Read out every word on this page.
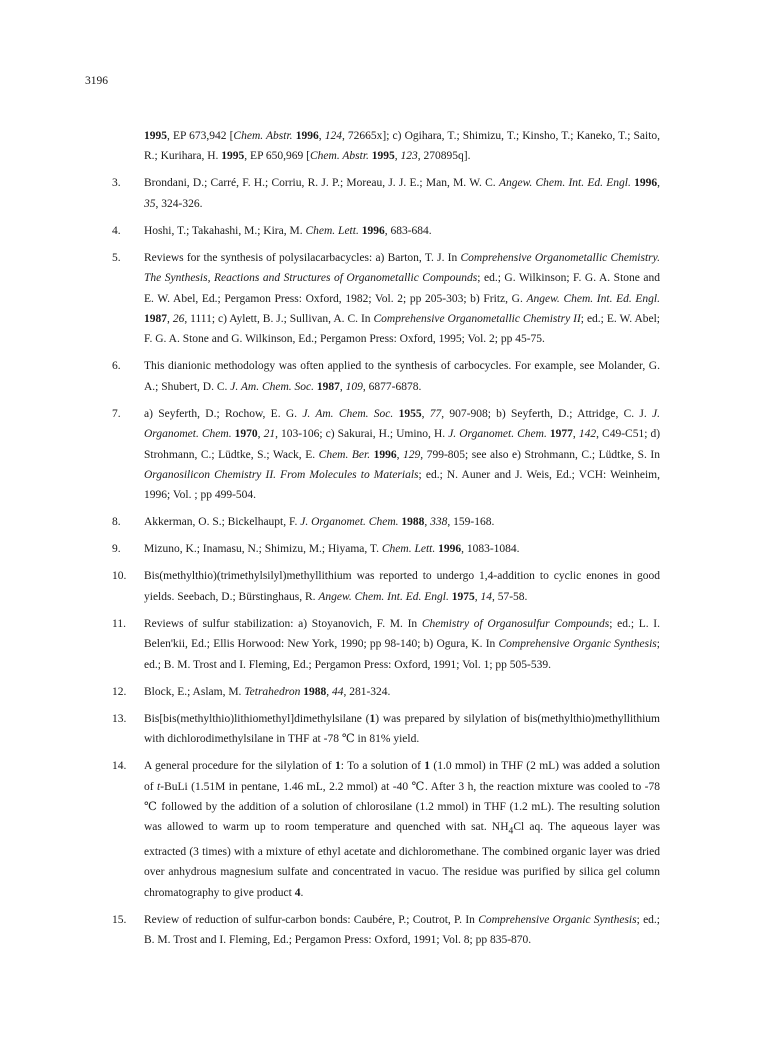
3196
1995, EP 673,942 [Chem. Abstr. 1996, 124, 72665x]; c) Ogihara, T.; Shimizu, T.; Kinsho, T.; Kaneko, T.; Saito, R.; Kurihara, H. 1995, EP 650,969 [Chem. Abstr. 1995, 123, 270895q].
3.	Brondani, D.; Carré, F. H.; Corriu, R. J. P.; Moreau, J. J. E.; Man, M. W. C. Angew. Chem. Int. Ed. Engl. 1996, 35, 324-326.
4.	Hoshi, T.; Takahashi, M.; Kira, M. Chem. Lett. 1996, 683-684.
5.	Reviews for the synthesis of polysilacarbacycles: a) Barton, T. J. In Comprehensive Organometallic Chemistry. The Synthesis, Reactions and Structures of Organometallic Compounds; ed.; G. Wilkinson; F. G. A. Stone and E. W. Abel, Ed.; Pergamon Press: Oxford, 1982; Vol. 2; pp 205-303; b) Fritz, G. Angew. Chem. Int. Ed. Engl. 1987, 26, 1111; c) Aylett, B. J.; Sullivan, A. C. In Comprehensive Organometallic Chemistry II; ed.; E. W. Abel; F. G. A. Stone and G. Wilkinson, Ed.; Pergamon Press: Oxford, 1995; Vol. 2; pp 45-75.
6.	This dianionic methodology was often applied to the synthesis of carbocycles. For example, see Molander, G. A.; Shubert, D. C. J. Am. Chem. Soc. 1987, 109, 6877-6878.
7.	a) Seyferth, D.; Rochow, E. G. J. Am. Chem. Soc. 1955, 77, 907-908; b) Seyferth, D.; Attridge, C. J. J. Organomet. Chem. 1970, 21, 103-106; c) Sakurai, H.; Umino, H. J. Organomet. Chem. 1977, 142, C49-C51; d) Strohmann, C.; Lüdtke, S.; Wack, E. Chem. Ber. 1996, 129, 799-805; see also e) Strohmann, C.; Lüdtke, S. In Organosilicon Chemistry II. From Molecules to Materials; ed.; N. Auner and J. Weis, Ed.; VCH: Weinheim, 1996; Vol. ; pp 499-504.
8.	Akkerman, O. S.; Bickelhaupt, F. J. Organomet. Chem. 1988, 338, 159-168.
9.	Mizuno, K.; Inamasu, N.; Shimizu, M.; Hiyama, T. Chem. Lett. 1996, 1083-1084.
10.	Bis(methylthio)(trimethylsilyl)methyllithium was reported to undergo 1,4-addition to cyclic enones in good yields. Seebach, D.; Bürstinghaus, R. Angew. Chem. Int. Ed. Engl. 1975, 14, 57-58.
11.	Reviews of sulfur stabilization: a) Stoyanovich, F. M. In Chemistry of Organosulfur Compounds; ed.; L. I. Belen'kii, Ed.; Ellis Horwood: New York, 1990; pp 98-140; b) Ogura, K. In Comprehensive Organic Synthesis; ed.; B. M. Trost and I. Fleming, Ed.; Pergamon Press: Oxford, 1991; Vol. 1; pp 505-539.
12.	Block, E.; Aslam, M. Tetrahedron 1988, 44, 281-324.
13.	Bis[bis(methylthio)lithiomethyl]dimethylsilane (1) was prepared by silylation of bis(methylthio)methyllithium with dichlorodimethylsilane in THF at -78 ℃ in 81% yield.
14.	A general procedure for the silylation of 1: To a solution of 1 (1.0 mmol) in THF (2 mL) was added a solution of t-BuLi (1.51M in pentane, 1.46 mL, 2.2 mmol) at -40 ℃. After 3 h, the reaction mixture was cooled to -78 ℃ followed by the addition of a solution of chlorosilane (1.2 mmol) in THF (1.2 mL). The resulting solution was allowed to warm up to room temperature and quenched with sat. $NH_4Cl$ aq. The aqueous layer was extracted (3 times) with a mixture of ethyl acetate and dichloromethane. The combined organic layer was dried over anhydrous magnesium sulfate and concentrated in vacuo. The residue was purified by silica gel column chromatography to give product 4.
15.	Review of reduction of sulfur-carbon bonds: Caubére, P.; Coutrot, P. In Comprehensive Organic Synthesis; ed.; B. M. Trost and I. Fleming, Ed.; Pergamon Press: Oxford, 1991; Vol. 8; pp 835-870.
